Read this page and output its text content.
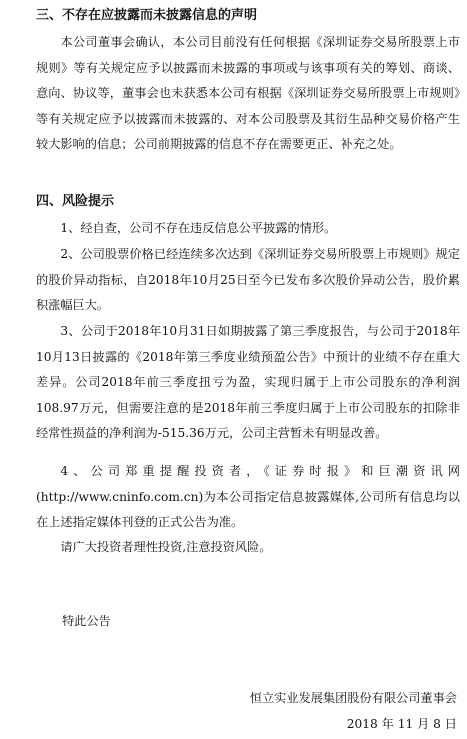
三、不存在应披露而未披露信息的声明

本公司董事会确认，本公司目前没有任何根据《深圳证券交易所股票上市规则》等有关规定应予以披露而未披露的事项或与该事项有关的筹划、商谈、意向、协议等，董事会也未获悉本公司有根据《深圳证券交易所股票上市规则》等有关规定应予以披露而未披露的、对本公司股票及其衍生品种交易价格产生较大影响的信息；公司前期披露的信息不存在需要更正、补充之处。

四、风险提示

1、经自查，公司不存在违反信息公平披露的情形。

2、公司股票价格已经连续多次达到《深圳证券交易所股票上市规则》规定的股价异动指标，自2018年10月25日至今已发布多次股价异动公告，股价累积涨幅巨大。

3、公司于2018年10月31日如期披露了第三季度报告，与公司于2018年10月13日披露的《2018年第三季度业绩预盈公告》中预计的业绩不存在重大差异。公司2018年前三季度扭亏为盈，实现归属于上市公司股东的净利润108.97万元，但需要注意的是2018年前三季度归属于上市公司股东的扣除非经常性损益的净利润为-515.36万元，公司主营暂未有明显改善。

4、公司郑重提醒投资者，《证券时报》和巨潮资讯网(http://www.cninfo.com.cn)为本公司指定信息披露媒体,公司所有信息均以在上述指定媒体刊登的正式公告为准。

请广大投资者理性投资,注意投资风险。

特此公告
恒立实业发展集团股份有限公司董事会
2018 年 11 月 8 日
